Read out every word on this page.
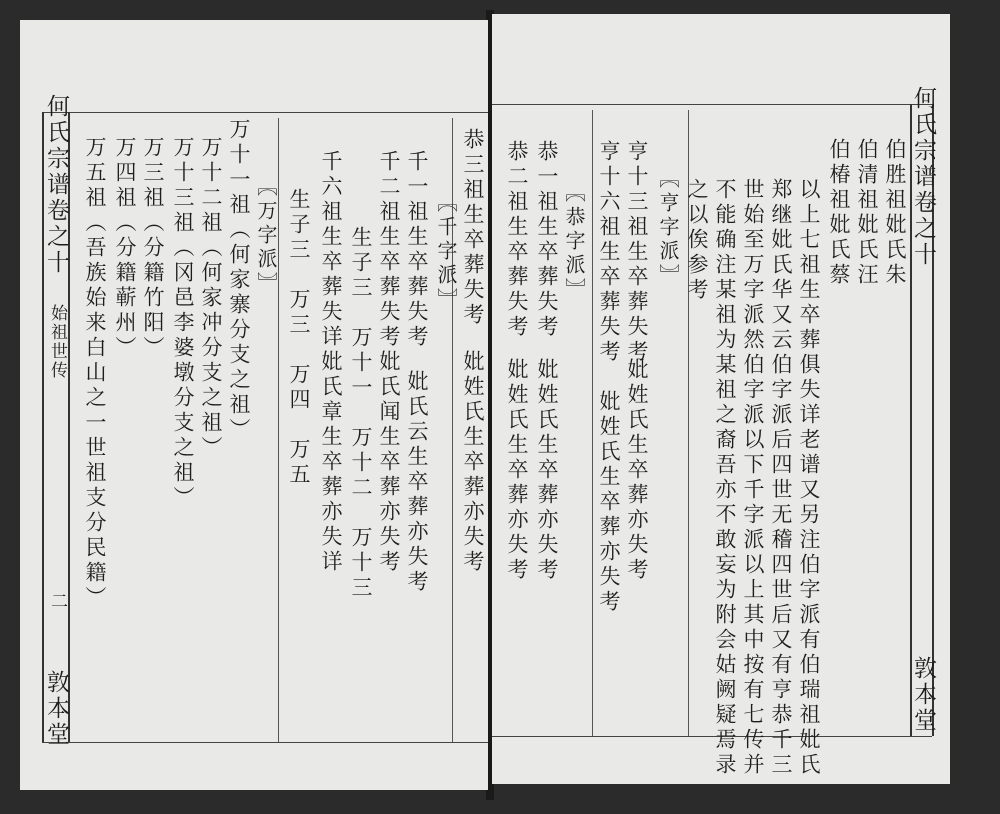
何氏宗谱
卷之十
始祖世传
二
敦本堂
恭三祖生卒葬失考
妣姓氏生卒葬亦失考
〖千字派〗
千一祖生卒葬失考
妣氏云生卒葬亦失考
千二祖生卒葬失考
妣氏闻生卒葬亦失考
生子三　万十一　万十二　万十三
千六祖生卒葬失详
妣氏章生卒葬亦失详
生子三　万三　万四　万五
〖万字派〗
万十一祖（何家寨分支之祖）
万十二祖（何家冲分支之祖）
万十三祖（冈邑李婆墩分支之祖）
万三祖（分籍竹阳）
万四祖（分籍蕲州）
万五祖（吾族始来白山之一世祖支分民籍）	何氏宗谱
卷之十
敦本堂
伯胜祖妣氏朱
伯清祖妣氏汪
伯椿祖妣氏蔡
以上七祖生卒葬俱失详老谱又另注伯字派有伯瑞祖妣氏
郑继妣氏华又云伯字派后四世无稽四世后又有亨恭千三
世始至万字派然伯字派以下千字派以上其中按有七传并
不能确注某祖为某祖之裔吾亦不敢妄为附会姑阙疑焉录
之以俟参考
〖亨字派〗
亨十三祖生卒葬失考
妣姓氏生卒葬亦失考
亨十六祖生卒葬失考
妣姓氏生卒葬亦失考
〖恭字派〗
恭一祖生卒葬失考
妣姓氏生卒葬亦失考
恭二祖生卒葬失考
妣姓氏生卒葬亦失考
